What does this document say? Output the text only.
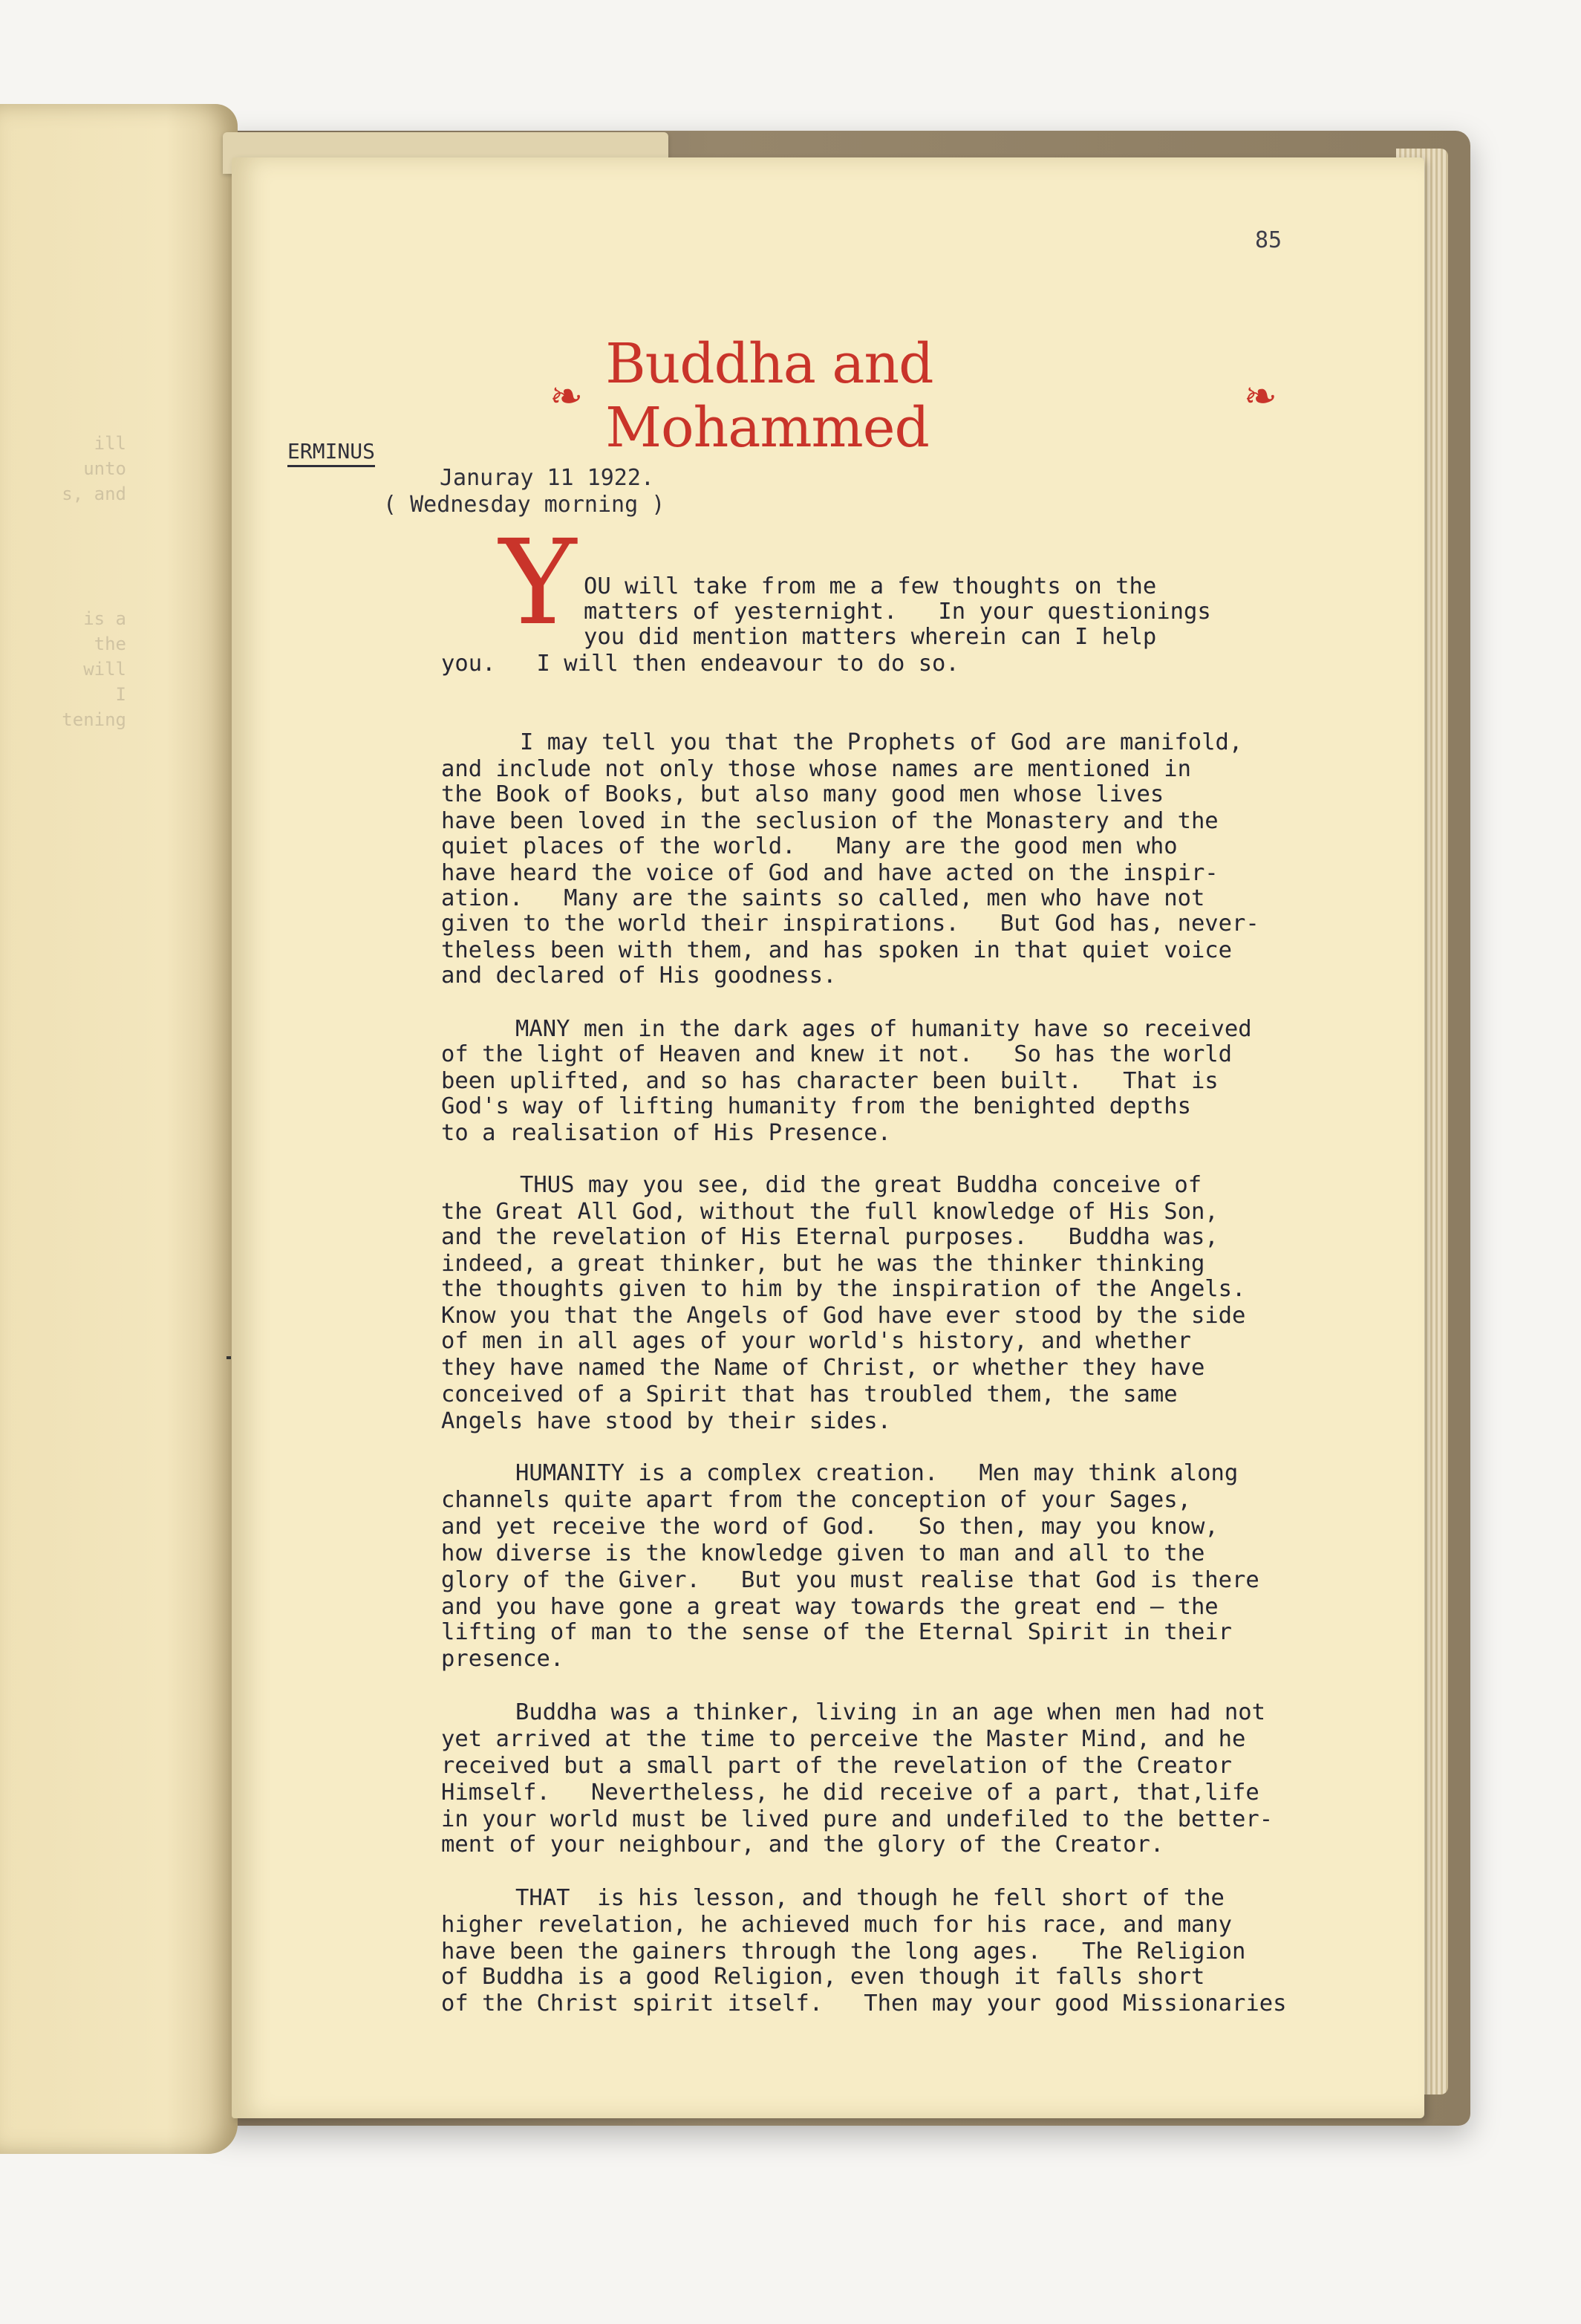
ill
unto
s, and
is a
the
will
I
tening
85
❧ Buddha and Mohammed	❧
ERMINUS
Januray 11 1922.
( Wednesday morning )
Y OU will take from me a few thoughts on the
matters of yesternight.   In your questionings
you did mention matters wherein can I help
you.   I will then endeavour to do so.
I may tell you that the Prophets of God are manifold,
and include not only those whose names are mentioned in
the Book of Books, but also many good men whose lives
have been loved in the seclusion of the Monastery and the
quiet places of the world.   Many are the good men who
have heard the voice of God and have acted on the inspir-
ation.   Many are the saints so called, men who have not
given to the world their inspirations.   But God has, never-
theless been with them, and has spoken in that quiet voice
and declared of His goodness.
MANY men in the dark ages of humanity have so received
of the light of Heaven and knew it not.   So has the world
been uplifted, and so has character been built.   That is
God's way of lifting humanity from the benighted depths
to a realisation of His Presence.
THUS may you see, did the great Buddha conceive of
the Great All God, without the full knowledge of His Son,
and the revelation of His Eternal purposes.   Buddha was,
indeed, a great thinker, but he was the thinker thinking
the thoughts given to him by the inspiration of the Angels.
Know you that the Angels of God have ever stood by the side
of men in all ages of your world's history, and whether
they have named the Name of Christ, or whether they have
conceived of a Spirit that has troubled them, the same
Angels have stood by their sides.
HUMANITY is a complex creation.   Men may think along
channels quite apart from the conception of your Sages,
and yet receive the word of God.   So then, may you know,
how diverse is the knowledge given to man and all to the
glory of the Giver.   But you must realise that God is there
and you have gone a great way towards the great end — the
lifting of man to the sense of the Eternal Spirit in their
presence.
Buddha was a thinker, living in an age when men had not
yet arrived at the time to perceive the Master Mind, and he
received but a small part of the revelation of the Creator
Himself.   Nevertheless, he did receive of a part, that,life
in your world must be lived pure and undefiled to the better-
ment of your neighbour, and the glory of the Creator.
THAT  is his lesson, and though he fell short of the
higher revelation, he achieved much for his race, and many
have been the gainers through the long ages.   The Religion
of Buddha is a good Religion, even though it falls short
of the Christ spirit itself.   Then may your good Missionaries
